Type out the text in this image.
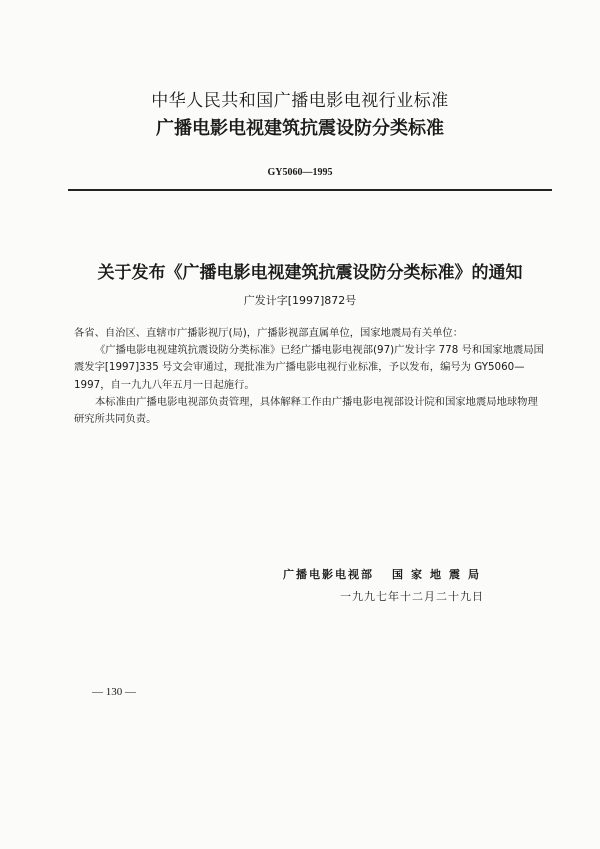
中华人民共和国广播电影电视行业标准
广播电影电视建筑抗震设防分类标准
GY5060—1995
关于发布《广播电影电视建筑抗震设防分类标准》的通知
广发计字[1997]872号

各省、自治区、直辖市广播影视厅(局)，广播影视部直属单位，国家地震局有关单位：

《广播电影电视建筑抗震设防分类标准》已经广播电影电视部(97)广发计字 778 号和国家地震局国震发字[1997]335 号文会审通过，现批准为广播电影电视行业标准，予以发布，编号为 GY5060—1997，自一九九八年五月一日起施行。

本标准由广播电影电视部负责管理，具体解释工作由广播电影电视部设计院和国家地震局地球物理研究所共同负责。

广播电影电视部 国家地震局
一九九七年十二月二十九日
— 130 —
